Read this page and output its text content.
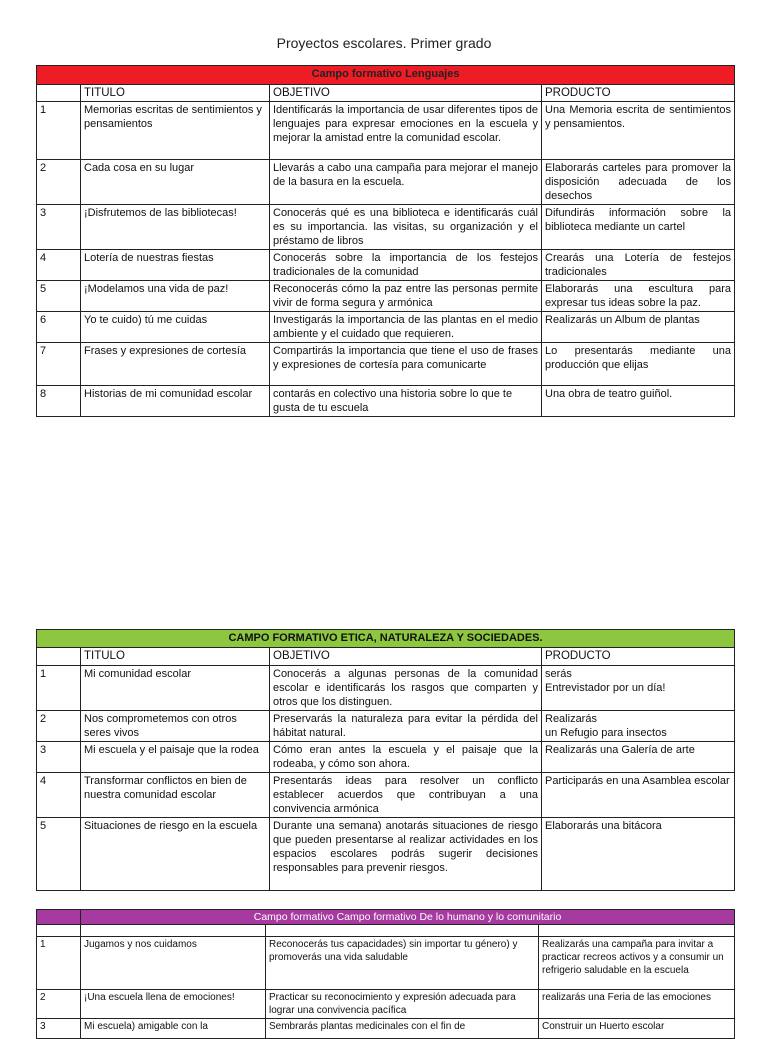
Proyectos escolares. Primer grado
Campo formativo Lenguajes			
	TITULO	OBJETIVO	PRODUCTO
1	Memorias escritas de sentimientos y pensamientos	Identificarás la importancia de usar diferentes tipos de lenguajes para expresar emociones en la escuela y mejorar la amistad entre la comunidad escolar.	Una Memoria escrita de sentimientos y pensamientos.
2	Cada cosa en su lugar	Llevarás a cabo una campaña para mejorar el manejo de la basura en la escuela.	Elaborarás carteles para promover la disposición adecuada de los desechos
3	¡Disfrutemos de las bibliotecas!	Conocerás qué es una biblioteca e identificarás cuál es su importancia. las visitas, su organización y el préstamo de libros	Difundirás información sobre la biblioteca mediante un cartel
4	Lotería de nuestras fiestas	Conocerás sobre la importancia de los festejos tradicionales de la comunidad	Crearás una Lotería de festejos tradicionales
5	¡Modelamos una vida de paz!	Reconocerás cómo la paz entre las personas permite vivir de forma segura y armónica	Elaborarás una escultura para expresar tus ideas sobre la paz.
6	Yo te cuido) tú me cuidas	Investigarás la importancia de las plantas en el medio ambiente y el cuidado que requieren.	Realizarás un Album de plantas
7	Frases y expresiones de cortesía	Compartirás la importancia que tiene el uso de frases y expresiones de cortesía para comunicarte	Lo presentarás mediante una producción que elijas
8	Historias de mi comunidad escolar	contarás en colectivo una historia sobre lo que te gusta de tu escuela	Una obra de teatro guiñol.
CAMPO FORMATIVO ETICA, NATURALEZA Y SOCIEDADES.			
	TITULO	OBJETIVO	PRODUCTO
1	Mi comunidad escolar	Conocerás a algunas personas de la comunidad escolar e identificarás los rasgos que comparten y otros que los distinguen.	serás
Entrevistador por un día!
2	Nos comprometemos con otros seres vivos	Preservarás la naturaleza para evitar la pérdida del hábitat natural.	Realizarás
un Refugio para insectos
3	Mi escuela y el paisaje que la rodea	Cómo eran antes la escuela y el paisaje que la rodeaba, y cómo son ahora.	Realizarás una Galería de arte
4	Transformar conflictos en bien de nuestra comunidad escolar	Presentarás ideas para resolver un conflicto establecer acuerdos que contribuyan a una convivencia armónica	Participarás en una Asamblea escolar
5	Situaciones de riesgo en la escuela	Durante una semana) anotarás situaciones de riesgo que pueden presentarse al realizar actividades en los espacios escolares podrás sugerir decisiones responsables para prevenir riesgos.	Elaborarás una bitácora
	Campo formativo Campo formativo De lo humano y lo comunitario		

1	Jugamos y nos cuidamos	Reconocerás tus capacidades) sin importar tu género) y promoverás una vida saludable	Realizarás una campaña para invitar a practicar recreos activos y a consumir un refrigerio saludable en la escuela
2	¡Una escuela llena de emociones!	Practicar su reconocimiento y expresión adecuada para lograr una convivencia pacífica	realizarás una Feria de las emociones
3	Mi escuela) amigable con la	Sembrarás plantas medicinales con el fin de	Construir un Huerto escolar
